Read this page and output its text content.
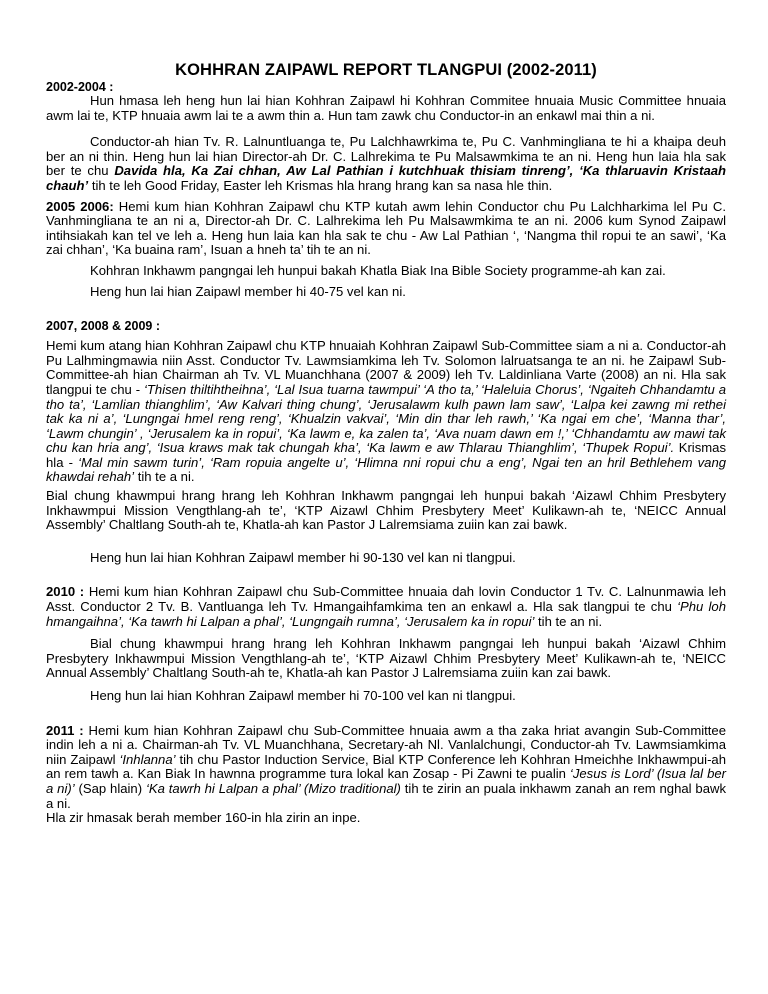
KOHHRAN ZAIPAWL REPORT TLANGPUI (2002-2011)
2002-2004 :

Hun hmasa leh heng hun lai hian Kohhran Zaipawl hi Kohhran Commitee hnuaia Music Committee hnuaia awm lai te, KTP hnuaia awm lai te a awm thin a. Hun tam zawk chu Conductor-in an enkawl mai thin a ni.

Conductor-ah hian Tv. R. Lalnuntluanga te, Pu Lalchhawrkima te, Pu C. Vanhmingliana te hi a khaipa deuh ber an ni thin. Heng hun lai hian Director-ah Dr. C. Lalhrekima te Pu Malsawmkima te an ni. Heng hun laia hla sak ber te chu Davida hla, Ka Zai chhan, Aw Lal Pathian i kutchhuak thisiam tinreng’, ‘Ka thlaruavin Kristaah chauh’ tih te leh Good Friday, Easter leh Krismas hla hrang hrang kan sa nasa hle thin.

2005 2006: Hemi kum hian Kohhran Zaipawl chu KTP kutah awm lehin Conductor chu Pu Lalchharkima lel Pu C. Vanhmingliana te an ni a, Director-ah Dr. C. Lalhrekima leh Pu Malsawmkima te an ni. 2006 kum Synod Zaipawl intihsiakah kan tel ve leh a. Heng hun laia kan hla sak te chu - Aw Lal Pathian ‘, ‘Nangma thil ropui te an sawi’, ‘Ka zai chhan’, ‘Ka buaina ram’, Isuan a hneh ta’ tih te an ni.

Kohhran Inkhawm pangngai leh hunpui bakah Khatla Biak Ina Bible Society programme-ah kan zai.

Heng hun lai hian Zaipawl member hi 40-75 vel kan ni.

2007, 2008 & 2009 :

Hemi kum atang hian Kohhran Zaipawl chu KTP hnuaiah Kohhran Zaipawl Sub-Committee siam a ni a. Conductor-ah Pu Lalhmingmawia niin Asst. Conductor Tv. Lawmsiamkima leh Tv. Solomon lalruatsanga te an ni. he Zaipawl Sub-Committee-ah hian Chairman ah Tv. VL Muanchhana (2007 & 2009) leh Tv. Laldinliana Varte (2008) an ni. Hla sak tlangpui te chu - ‘Thisen thiltihtheihna’, ‘Lal Isua tuarna tawmpui’ ‘A tho ta,’ ‘Haleluia Chorus’, ‘Ngaiteh Chhandamtu a tho ta’, ‘Lamlian thianghlim’, ‘Aw Kalvari thing chung’, ‘Jerusalawm kulh pawn lam saw’, ‘Lalpa kei zawng mi rethei tak ka ni a’, ‘Lungngai hmel reng reng’, ‘Khualzin vakvai’, ‘Min din thar leh rawh,’ ‘Ka ngai em che’, ‘Manna thar’, ‘Lawm chungin’ , ‘Jerusalem ka in ropui’, ‘Ka lawm e, ka zalen ta’, ‘Ava nuam dawn em !,’ ‘Chhandamtu aw mawi tak chu kan hria ang’, ‘Isua kraws mak tak chungah kha’, ‘Ka lawm e aw Thlarau Thianghlim’, ‘Thupek Ropui’. Krismas hla - ‘Mal min sawm turin’, ‘Ram ropuia angelte u’, ‘Hlimna nni ropui chu a eng’, Ngai ten an hril Bethlehem vang khawdai rehah’ tih te a ni.

Bial chung khawmpui hrang hrang leh Kohhran Inkhawm pangngai leh hunpui bakah ‘Aizawl Chhim Presbytery Inkhawmpui Mission Vengthlang-ah te’, ‘KTP Aizawl Chhim Presbytery Meet’ Kulikawn-ah te, ‘NEICC Annual Assembly’ Chaltlang South-ah te, Khatla-ah kan Pastor J Lalremsiama zuiin kan zai bawk.

Heng hun lai hian Kohhran Zaipawl member hi 90-130 vel kan ni tlangpui.

2010 : Hemi kum hian Kohhran Zaipawl chu Sub-Committee hnuaia dah lovin Conductor 1 Tv. C. Lalnunmawia leh Asst. Conductor 2 Tv. B. Vantluanga leh Tv. Hmangaihfamkima ten an enkawl a. Hla sak tlangpui te chu ‘Phu loh hmangaihna’, ‘Ka tawrh hi Lalpan a phal’, ‘Lungngaih rumna’, ‘Jerusalem ka in ropui’ tih te an ni.

Bial chung khawmpui hrang hrang leh Kohhran Inkhawm pangngai leh hunpui bakah ‘Aizawl Chhim Presbytery Inkhawmpui Mission Vengthlang-ah te’, ‘KTP Aizawl Chhim Presbytery Meet’ Kulikawn-ah te, ‘NEICC Annual Assembly’ Chaltlang South-ah te, Khatla-ah kan Pastor J Lalremsiama zuiin kan zai bawk.

Heng hun lai hian Kohhran Zaipawl member hi 70-100 vel kan ni tlangpui.

2011 : Hemi kum hian Kohhran Zaipawl chu Sub-Committee hnuaia awm a tha zaka hriat avangin Sub-Committee indin leh a ni a. Chairman-ah Tv. VL Muanchhana, Secretary-ah Nl. Vanlalchungi, Conductor-ah Tv. Lawmsiamkima niin Zaipawl ‘Inhlanna’ tih chu Pastor Induction Service, Bial KTP Conference leh Kohhran Hmeichhe Inkhawmpui-ah an rem tawh a. Kan Biak In hawnna programme tura lokal kan Zosap - Pi Zawni te pualin ‘Jesus is Lord’ (Isua lal ber a ni)’ (Sap hlain) ‘Ka tawrh hi Lalpan a phal’ (Mizo traditional) tih te zirin an puala inkhawm zanah an rem nghal bawk a ni.

Hla zir hmasak berah member 160-in hla zirin an inpe.
